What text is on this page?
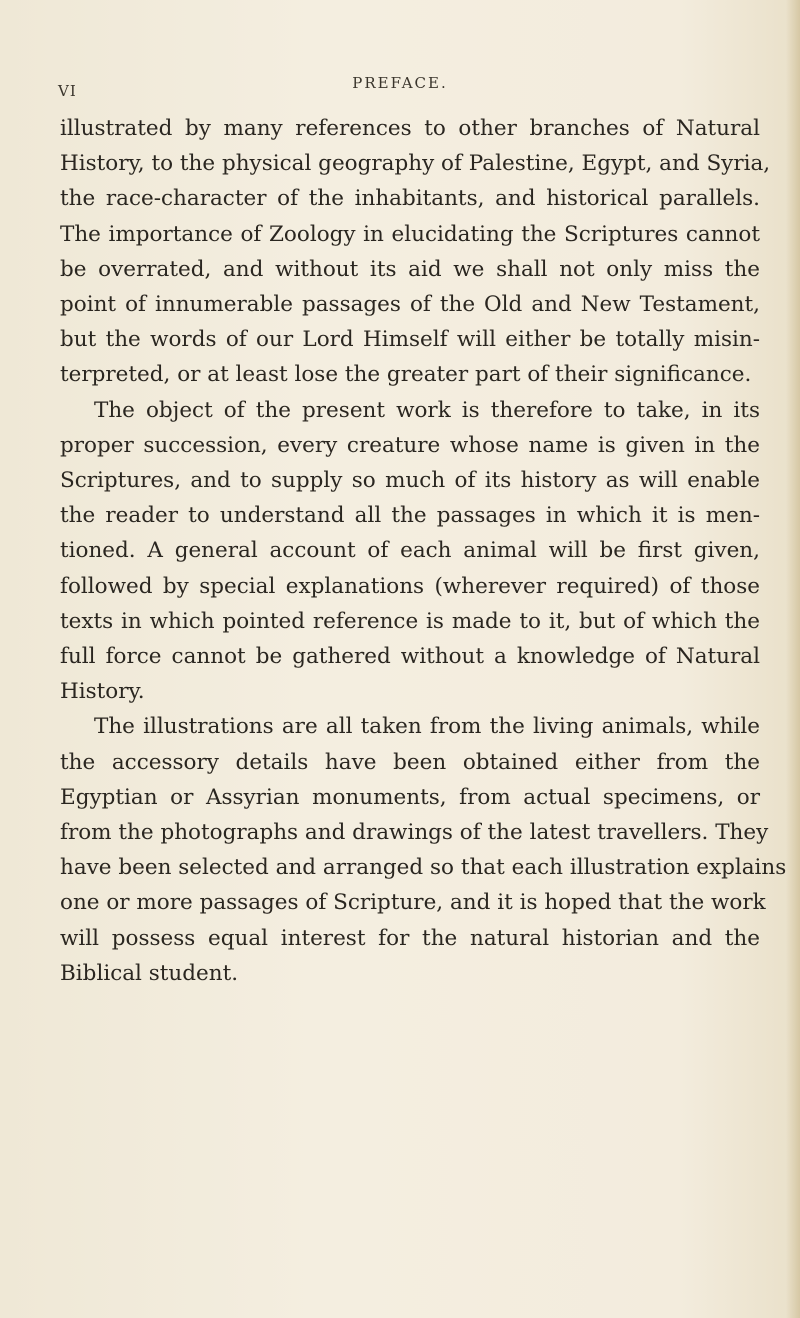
VI	PREFACE.
illustrated by many references to other branches of Natural
History, to the physical geography of Palestine, Egypt, and Syria,
the race-character of the inhabitants, and historical parallels.
The importance of Zoology in elucidating the Scriptures cannot
be overrated, and without its aid we shall not only miss the
point of innumerable passages of the Old and New Testament,
but the words of our Lord Himself will either be totally misin-
terpreted, or at least lose the greater part of their significance.
The object of the present work is therefore to take, in its
proper succession, every creature whose name is given in the
Scriptures, and to supply so much of its history as will enable
the reader to understand all the passages in which it is men-
tioned. A general account of each animal will be first given,
followed by special explanations (wherever required) of those
texts in which pointed reference is made to it, but of which the
full force cannot be gathered without a knowledge of Natural
History.
The illustrations are all taken from the living animals, while
the accessory details have been obtained either from the
Egyptian or Assyrian monuments, from actual specimens, or
from the photographs and drawings of the latest travellers. They
have been selected and arranged so that each illustration explains
one or more passages of Scripture, and it is hoped that the work
will possess equal interest for the natural historian and the
Biblical student.
